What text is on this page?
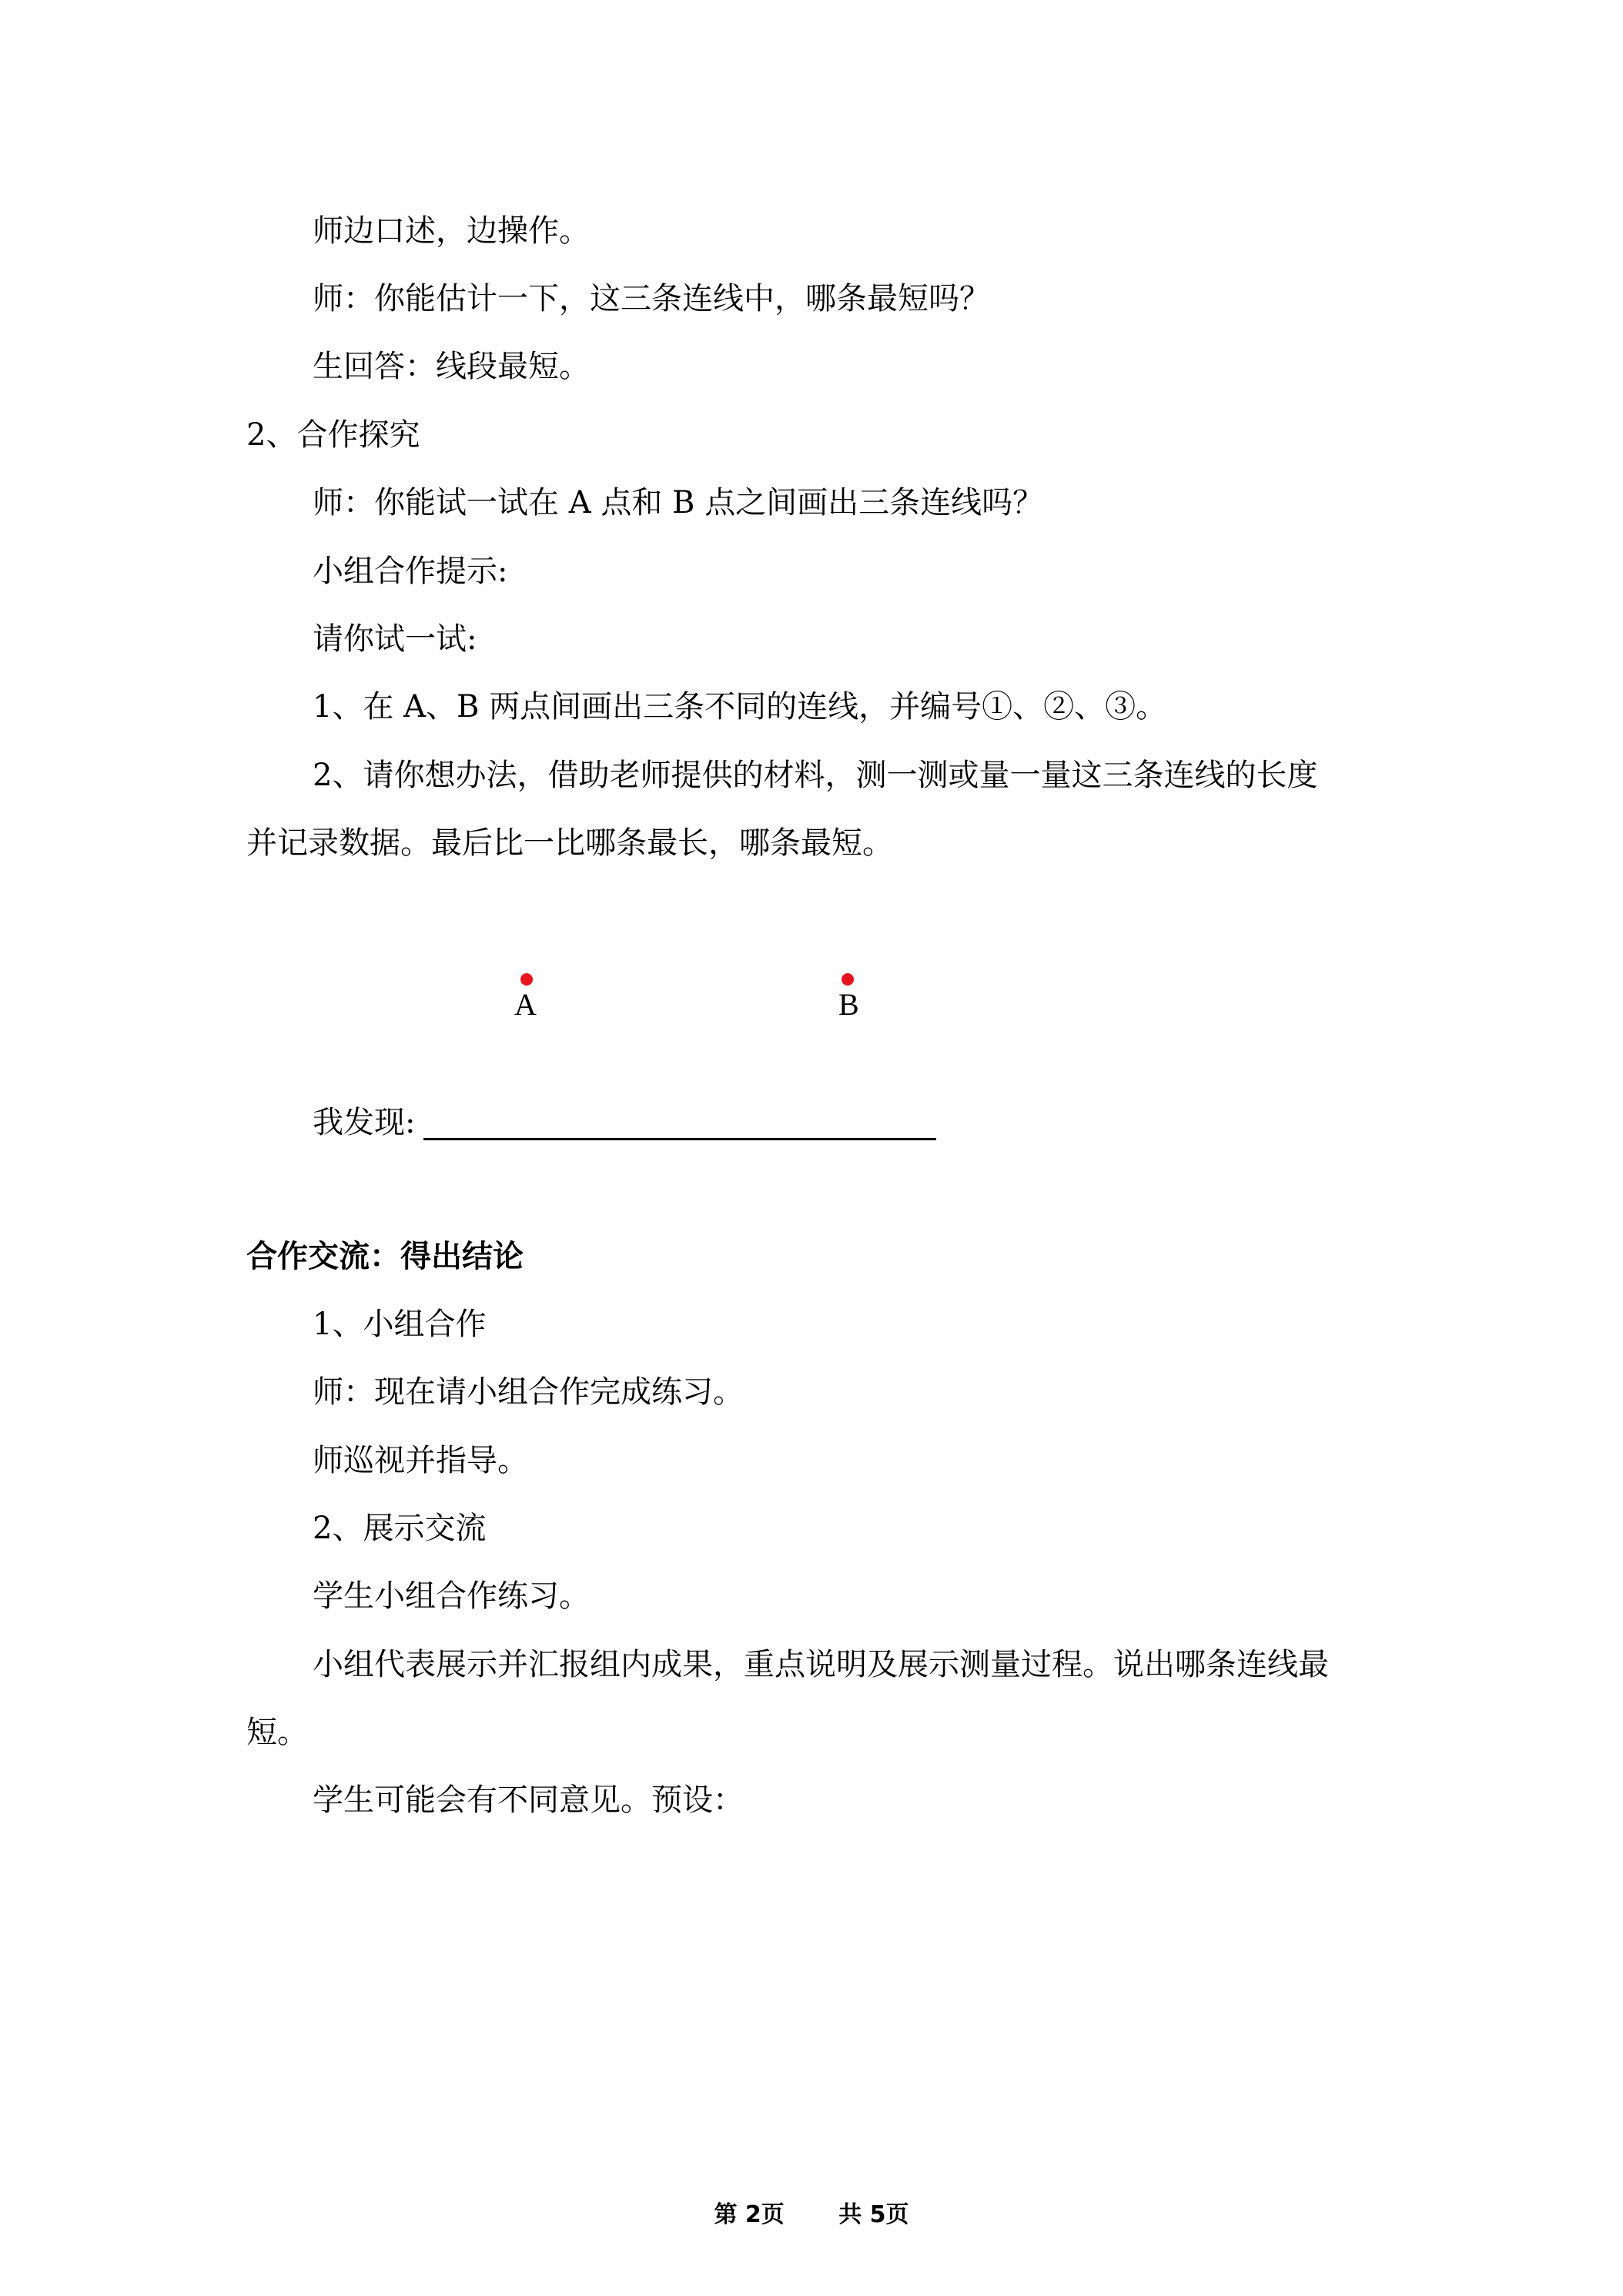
师边口述，边操作。
师：你能估计一下，这三条连线中，哪条最短吗？
生回答：线段最短。
2、合作探究
师：你能试一试在 A 点和 B 点之间画出三条连线吗？
小组合作提示:
请你试一试:
1、在 A、B 两点间画出三条不同的连线，并编号①、②、③。
2、请你想办法，借助老师提供的材料，测一测或量一量这三条连线的长度
并记录数据。最后比一比哪条最长，哪条最短。
A	B
我发现:
合作交流：得出结论
1、小组合作
师：现在请小组合作完成练习。
师巡视并指导。
2、展示交流
学生小组合作练习。
小组代表展示并汇报组内成果，重点说明及展示测量过程。说出哪条连线最
短。
学生可能会有不同意见。预设：
第 2页 共 5页
